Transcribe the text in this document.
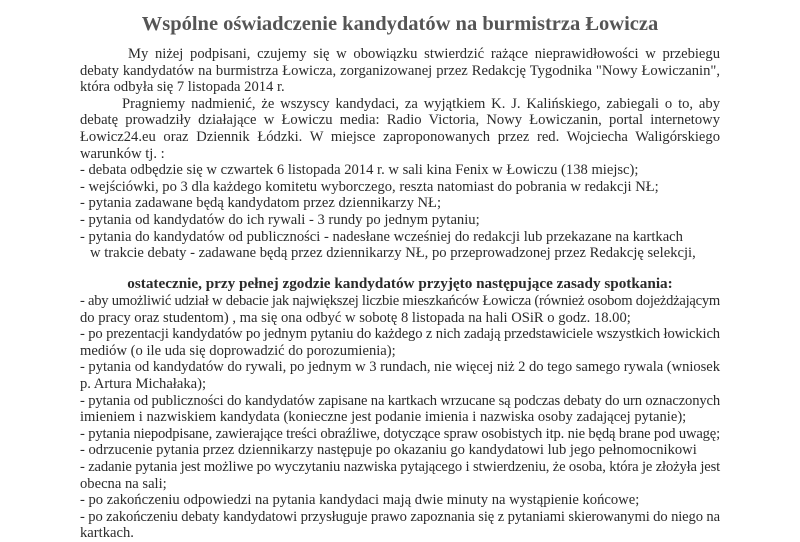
Wspólne oświadczenie kandydatów na burmistrza Łowicza
My niżej podpisani, czujemy się w obowiązku stwierdzić rażące nieprawidłowości w przebiegu
debaty kandydatów na burmistrza Łowicza, zorganizowanej przez Redakcję Tygodnika "Nowy Łowiczanin",
która odbyła się 7 listopada 2014 r.
Pragniemy nadmienić, że wszyscy kandydaci, za wyjątkiem K. J. Kalińskiego, zabiegali o to, aby
debatę prowadziły działające w Łowiczu media: Radio Victoria, Nowy Łowiczanin, portal internetowy
Łowicz24.eu oraz Dziennik Łódzki. W miejsce zaproponowanych przez red. Wojciecha Waligórskiego
warunków tj. :
- debata odbędzie się w czwartek 6 listopada 2014 r. w sali kina Fenix w Łowiczu (138 miejsc);
- wejściówki, po 3 dla każdego komitetu wyborczego, reszta natomiast do pobrania w redakcji NŁ;
- pytania zadawane będą kandydatom przez dziennikarzy NŁ;
- pytania od kandydatów do ich rywali - 3 rundy po jednym pytaniu;
- pytania do kandydatów od publiczności - nadesłane wcześniej do redakcji lub przekazane na kartkach
w trakcie debaty - zadawane będą przez dziennikarzy NŁ, po przeprowadzonej przez Redakcję selekcji,
ostatecznie, przy pełnej zgodzie kandydatów przyjęto następujące zasady spotkania:
- aby umożliwić udział w debacie jak największej liczbie mieszkańców Łowicza (również osobom dojeżdżającym
do pracy oraz studentom) , ma się ona odbyć w sobotę 8 listopada na hali OSiR o godz. 18.00;
- po prezentacji kandydatów po jednym pytaniu do każdego z nich zadają przedstawiciele wszystkich łowickich
mediów (o ile uda się doprowadzić do porozumienia);
- pytania od kandydatów do rywali, po jednym w 3 rundach, nie więcej niż 2 do tego samego rywala (wniosek
p. Artura Michałaka);
- pytania od publiczności do kandydatów zapisane na kartkach wrzucane są podczas debaty do urn oznaczonych
imieniem i nazwiskiem kandydata (konieczne jest podanie imienia i nazwiska osoby zadającej pytanie);
- pytania niepodpisane, zawierające treści obraźliwe, dotyczące spraw osobistych itp. nie będą brane pod uwagę;
- odrzucenie pytania przez dziennikarzy następuje po okazaniu go kandydatowi lub jego pełnomocnikowi
- zadanie pytania jest możliwe po wyczytaniu nazwiska pytającego i stwierdzeniu, że osoba, która je złożyła jest
obecna na sali;
- po zakończeniu odpowiedzi na pytania kandydaci mają dwie minuty na wystąpienie końcowe;
- po zakończeniu debaty kandydatowi przysługuje prawo zapoznania się z pytaniami skierowanymi do niego na
kartkach.
